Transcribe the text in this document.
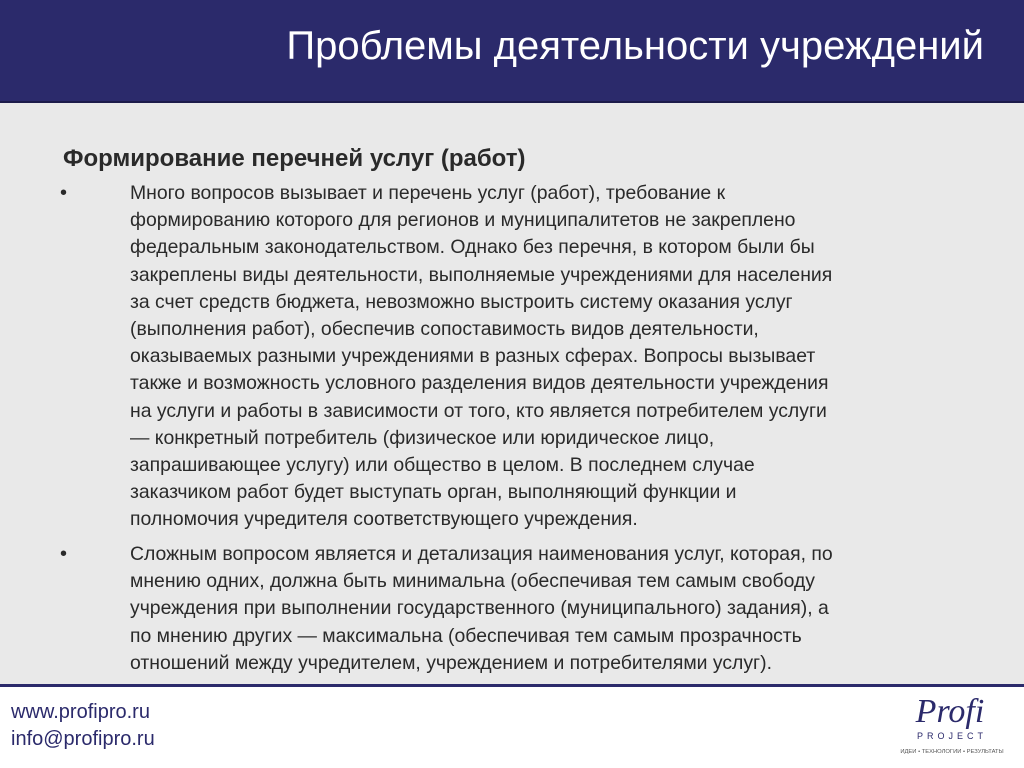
Проблемы деятельности учреждений
Формирование перечней услуг (работ)
•	Много вопросов вызывает и перечень услуг (работ), требование к
формированию которого для регионов и муниципалитетов не закреплено
федеральным законодательством. Однако без перечня, в котором были бы
закреплены виды деятельности, выполняемые учреждениями для населения
за счет средств бюджета, невозможно выстроить систему оказания услуг
(выполнения работ), обеспечив сопоставимость видов деятельности,
оказываемых разными учреждениями в разных сферах. Вопросы вызывает
также и возможность условного разделения видов деятельности учреждения
на услуги и работы в зависимости от того, кто является потребителем услуги
— конкретный потребитель (физическое или юридическое лицо,
запрашивающее услугу) или общество в целом. В последнем случае
заказчиком работ будет выступать орган, выполняющий функции и
полномочия учредителя соответствующего учреждения.
•	Сложным вопросом является и детализация наименования услуг, которая, по
мнению одних, должна быть минимальна (обеспечивая тем самым свободу
учреждения при выполнении государственного (муниципального) задания), а
по мнению других — максимальна (обеспечивая тем самым прозрачность
отношений между учредителем, учреждением и потребителями услуг).
www.profipro.ru
info@profipro.ru
Profi
PROJECT
ИДЕИ • ТЕХНОЛОГИИ • РЕЗУЛЬТАТЫ
